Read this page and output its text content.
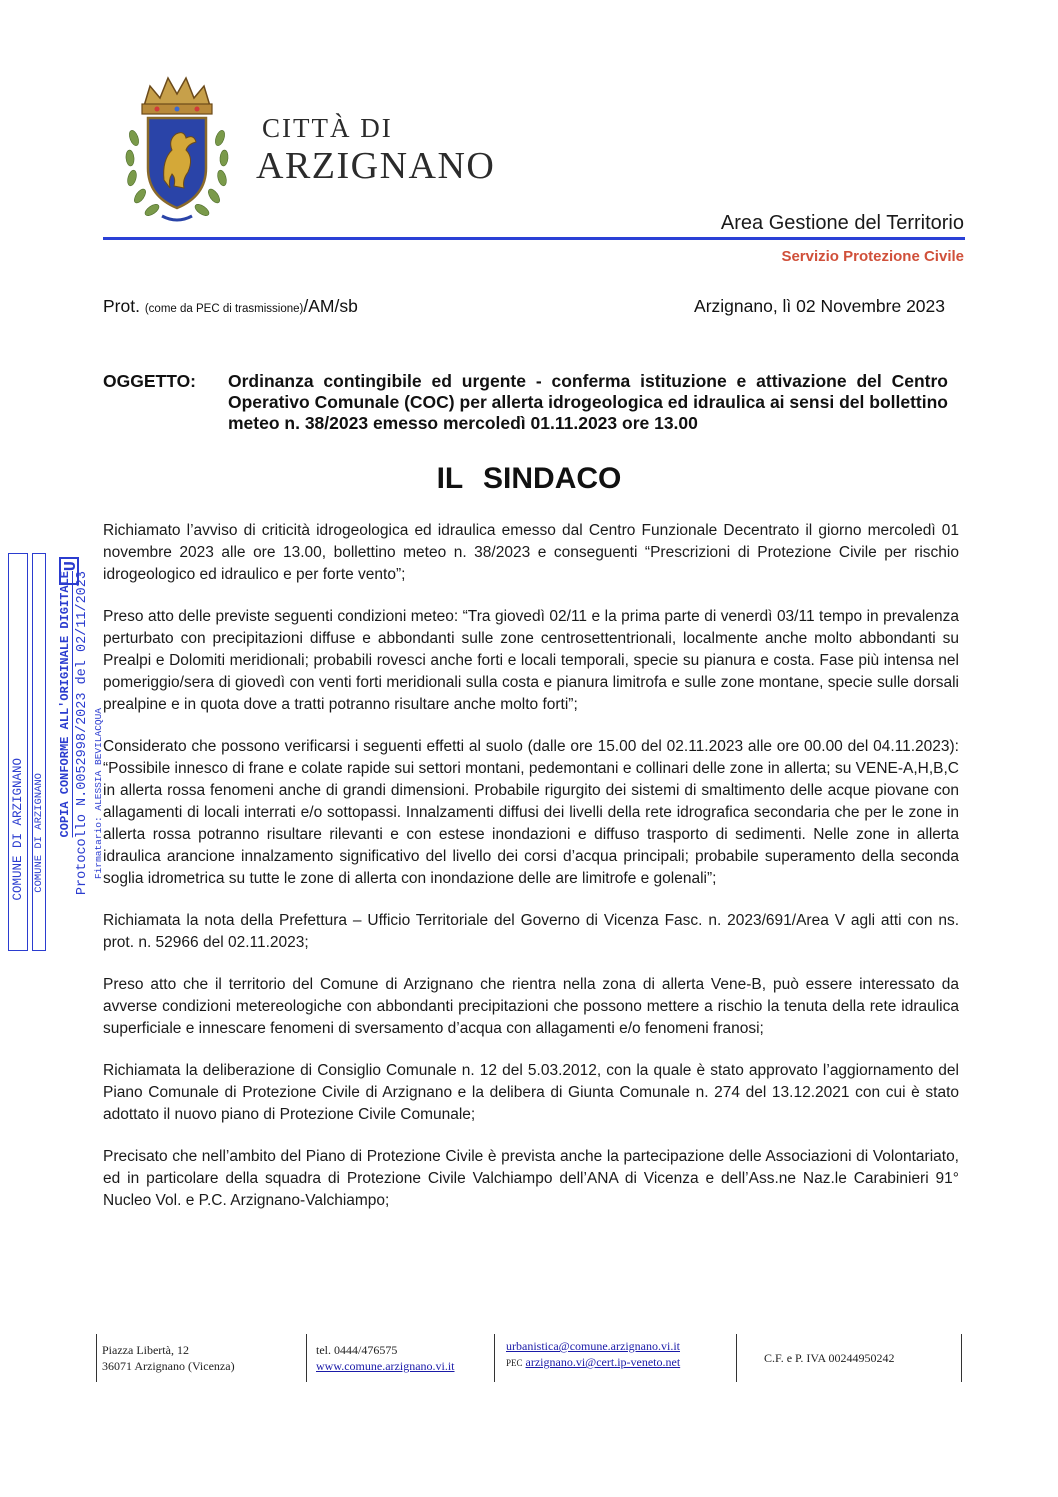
CITTÀ DI
ARZIGNANO
Area Gestione del Territorio
Servizio Protezione Civile
Prot. (come da PEC di trasmissione)/AM/sb	Arzignano, lì 02 Novembre 2023
OGGETTO: Ordinanza contingibile ed urgente - conferma istituzione e attivazione del Centro Operativo Comunale (COC) per allerta idrogeologica ed idraulica ai sensi del bollettino meteo n. 38/2023 emesso mercoledì 01.11.2023 ore 13.00
IL SINDACO

Richiamato l’avviso di criticità idrogeologica ed idraulica emesso dal Centro Funzionale Decentrato il giorno mercoledì 01 novembre 2023 alle ore 13.00, bollettino meteo n. 38/2023 e conseguenti “Prescrizioni di Protezione Civile per rischio idrogeologico ed idraulico e per forte vento”;

Preso atto delle previste seguenti condizioni meteo: “Tra giovedì 02/11 e la prima parte di venerdì 03/11 tempo in prevalenza perturbato con precipitazioni diffuse e abbondanti sulle zone centrosettentrionali, localmente anche molto abbondanti su Prealpi e Dolomiti meridionali; probabili rovesci anche forti e locali temporali, specie su pianura e costa. Fase più intensa nel pomeriggio/sera di giovedì con venti forti meridionali sulla costa e pianura limitrofa e sulle zone montane, specie sulle dorsali prealpine e in quota dove a tratti potranno risultare anche molto forti”;

Considerato che possono verificarsi i seguenti effetti al suolo (dalle ore 15.00 del 02.11.2023 alle ore 00.00 del 04.11.2023): “Possibile innesco di frane e colate rapide sui settori montani, pedemontani e collinari delle zone in allerta; su VENE-A,H,B,C in allerta rossa fenomeni anche di grandi dimensioni. Probabile rigurgito dei sistemi di smaltimento delle acque piovane con allagamenti di locali interrati e/o sottopassi. Innalzamenti diffusi dei livelli della rete idrografica secondaria che per le zone in allerta rossa potranno risultare rilevanti e con estese inondazioni e diffuso trasporto di sedimenti. Nelle zone in allerta idraulica arancione innalzamento significativo del livello dei corsi d’acqua principali; probabile superamento della seconda soglia idrometrica su tutte le zone di allerta con inondazione delle are limitrofe e golenali”;

Richiamata la nota della Prefettura – Ufficio Territoriale del Governo di Vicenza Fasc. n. 2023/691/Area V agli atti con ns. prot. n. 52966 del 02.11.2023;

Preso atto che il territorio del Comune di Arzignano che rientra nella zona di allerta Vene-B, può essere interessato da avverse condizioni metereologiche con abbondanti precipitazioni che possono mettere a rischio la tenuta della rete idraulica superficiale e innescare fenomeni di sversamento d’acqua con allagamenti e/o fenomeni franosi;

Richiamata la deliberazione di Consiglio Comunale n. 12 del 5.03.2012, con la quale è stato approvato l’aggiornamento del Piano Comunale di Protezione Civile di Arzignano e la delibera di Giunta Comunale n. 274 del 13.12.2021 con cui è stato adottato il nuovo piano di Protezione Civile Comunale;

Precisato che nell’ambito del Piano di Protezione Civile è prevista anche la partecipazione delle Associazioni di Volontariato, ed in particolare della squadra di Protezione Civile Valchiampo dell’ANA di Vicenza e dell’Ass.ne Naz.le Carabinieri 91° Nucleo Vol. e P.C. Arzignano-Valchiampo;

COMUNE DI ARZIGNANO COMUNE DI ARZIGNANO
U
COPIA CONFORME ALL'ORIGINALE DIGITALE Protocollo N.0052998/2023 del 02/11/2023 Firmatario: ALESSIA BEVILACQUA
Piazza Libertà, 12
36071 Arzignano (Vicenza)
tel. 0444/476575
www.comune.arzignano.vi.it
urbanistica@comune.arzignano.vi.it
PEC arzignano.vi@cert.ip-veneto.net	C.F. e P. IVA 00244950242
